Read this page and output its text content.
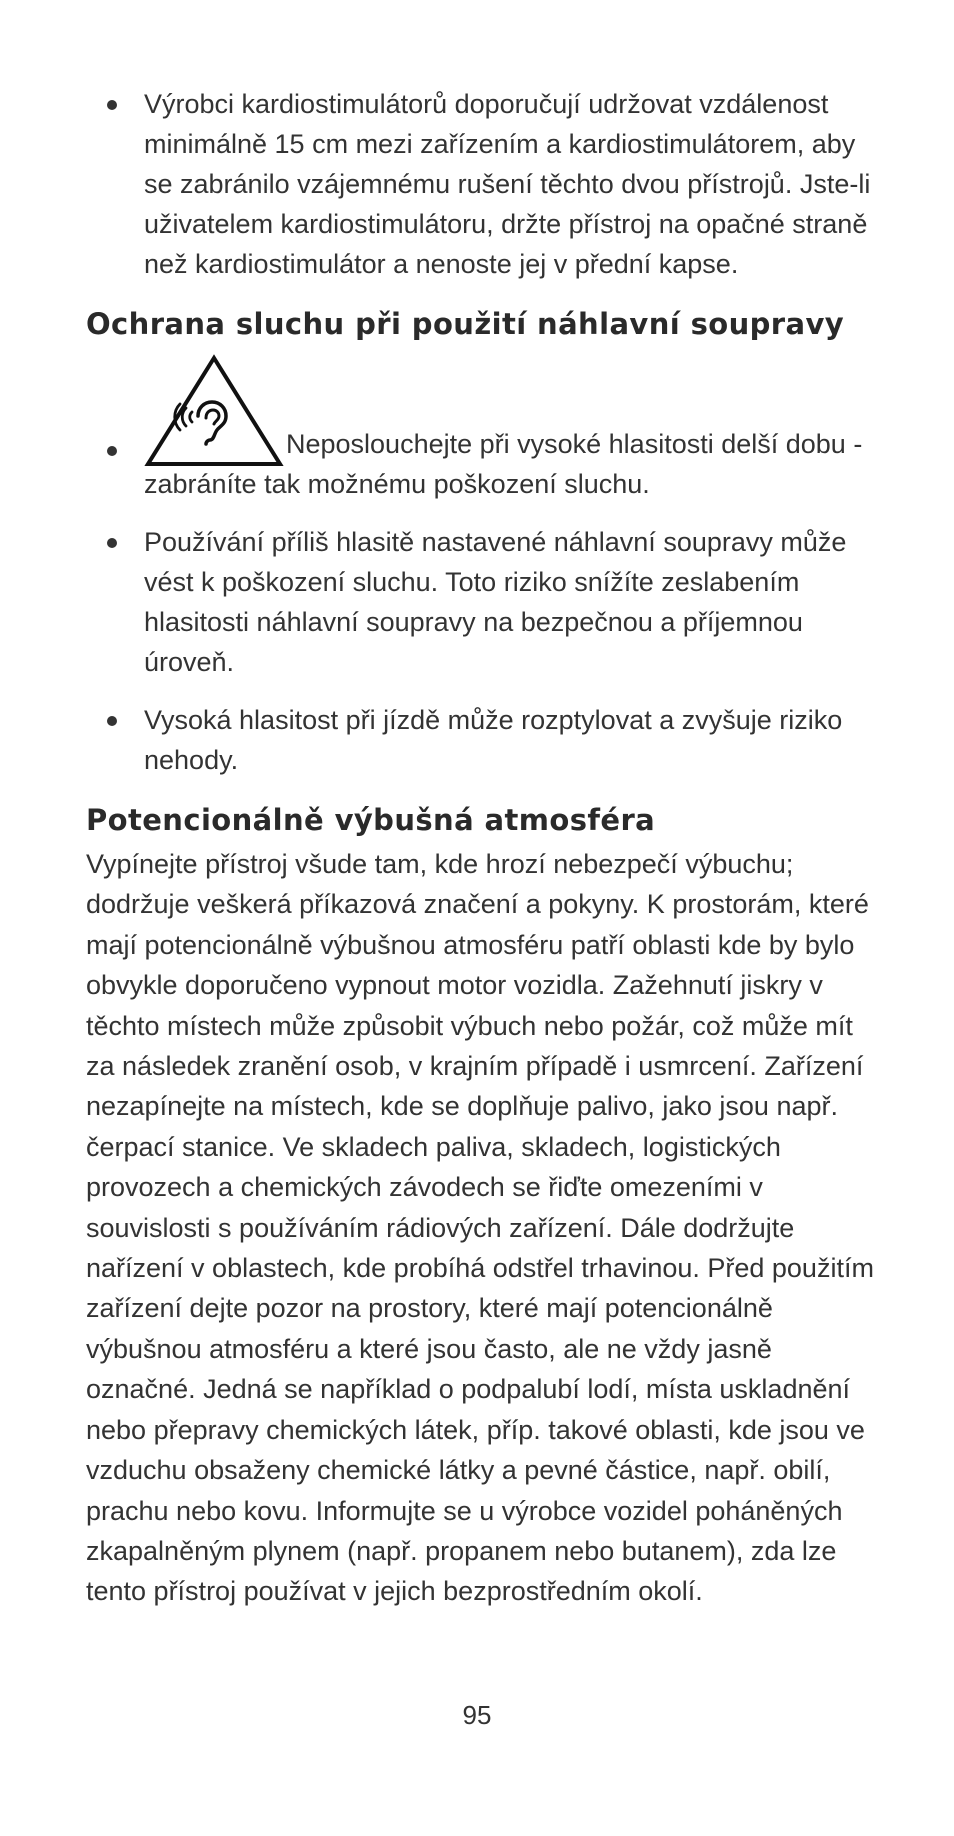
Výrobci kardiostimulátorů doporučují udržovat vzdálenost minimálně 15 cm mezi zařízením a kardiostimulátorem, aby se zabránilo vzájemnému rušení těchto dvou přístrojů. Jste-li uživatelem kardiostimulátoru, držte přístroj na opačné straně než kardiostimulátor a nenoste jej v přední kapse.
Ochrana sluchu při použití náhlavní soupravy
Neposlouchejte při vysoké hlasitosti delší dobu - zabráníte tak možnému poškození sluchu.
Používání příliš hlasitě nastavené náhlavní soupravy může vést k poškození sluchu. Toto riziko snížíte zeslabením hlasitosti náhlavní soupravy na bezpečnou a příjemnou úroveň.
Vysoká hlasitost při jízdě může rozptylovat a zvyšuje riziko nehody.
Potencionálně výbušná atmosféra

Vypínejte přístroj všude tam, kde hrozí nebezpečí výbuchu; dodržuje veškerá příkazová značení a pokyny. K prostorám, které mají potencionálně výbušnou atmosféru patří oblasti kde by bylo obvykle doporučeno vypnout motor vozidla. Zažehnutí jiskry v těchto místech může způsobit výbuch nebo požár, což může mít za následek zranění osob, v krajním případě i usmrcení. Zařízení nezapínejte na místech, kde se doplňuje palivo, jako jsou např. čerpací stanice. Ve skladech paliva, skladech, logistických provozech a chemických závodech se řiďte omezeními v souvislosti s používáním rádiových zařízení. Dále dodržujte nařízení v oblastech, kde probíhá odstřel trhavinou. Před použitím zařízení dejte pozor na prostory, které mají potencionálně výbušnou atmosféru a které jsou často, ale ne vždy jasně označné. Jedná se například o podpalubí lodí, místa uskladnění nebo přepravy chemických látek, příp. takové oblasti, kde jsou ve vzduchu obsaženy chemické látky a pevné částice, např. obilí, prachu nebo kovu. Informujte se u výrobce vozidel poháněných zkapalněným plynem (např. propanem nebo butanem), zda lze tento přístroj používat v jejich bezprostředním okolí.

95
